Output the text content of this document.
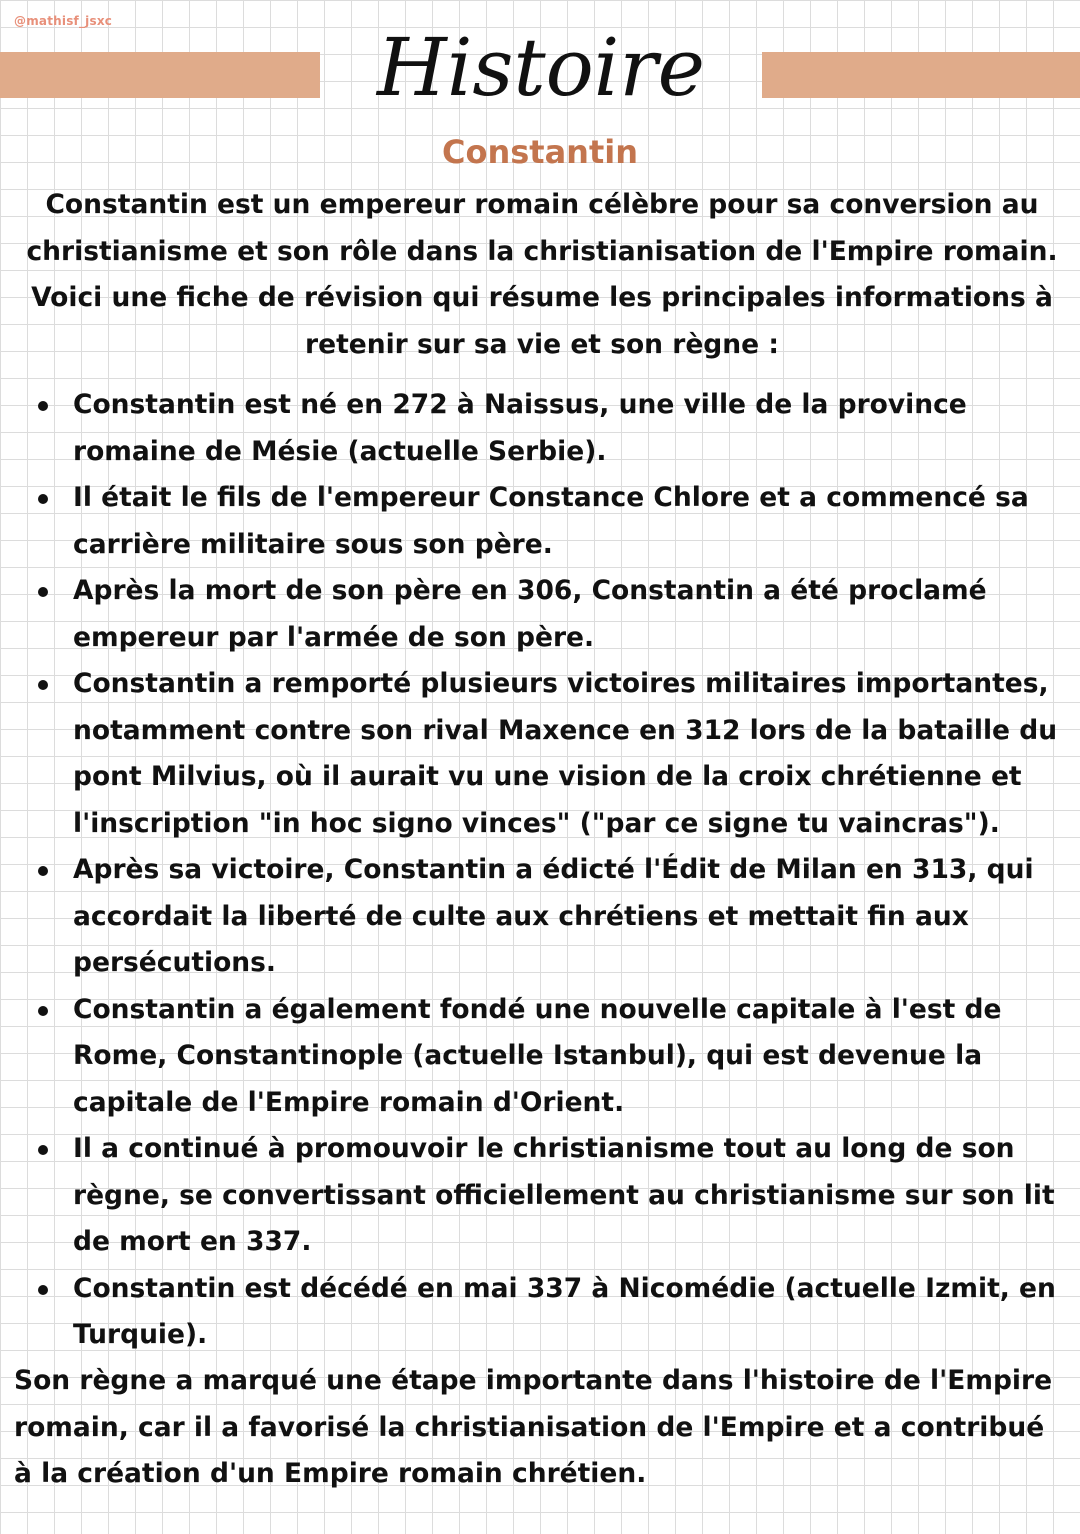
@mathisf_jsxc	Histoire
Constantin

Constantin est un empereur romain célèbre pour sa conversion au christianisme et son rôle dans la christianisation de l'Empire romain. Voici une fiche de révision qui résume les principales informations à retenir sur sa vie et son règne :

Constantin est né en 272 à Naissus, une ville de la province romaine de Mésie (actuelle Serbie).
Il était le fils de l'empereur Constance Chlore et a commencé sa carrière militaire sous son père.
Après la mort de son père en 306, Constantin a été proclamé empereur par l'armée de son père.
Constantin a remporté plusieurs victoires militaires importantes, notamment contre son rival Maxence en 312 lors de la bataille du pont Milvius, où il aurait vu une vision de la croix chrétienne et l'inscription "in hoc signo vinces" ("par ce signe tu vaincras").
Après sa victoire, Constantin a édicté l'Édit de Milan en 313, qui accordait la liberté de culte aux chrétiens et mettait fin aux persécutions.
Constantin a également fondé une nouvelle capitale à l'est de Rome, Constantinople (actuelle Istanbul), qui est devenue la capitale de l'Empire romain d'Orient.
Il a continué à promouvoir le christianisme tout au long de son règne, se convertissant officiellement au christianisme sur son lit de mort en 337.
Constantin est décédé en mai 337 à Nicomédie (actuelle Izmit, en Turquie).

Son règne a marqué une étape importante dans l'histoire de l'Empire romain, car il a favorisé la christianisation de l'Empire et a contribué à la création d'un Empire romain chrétien.
